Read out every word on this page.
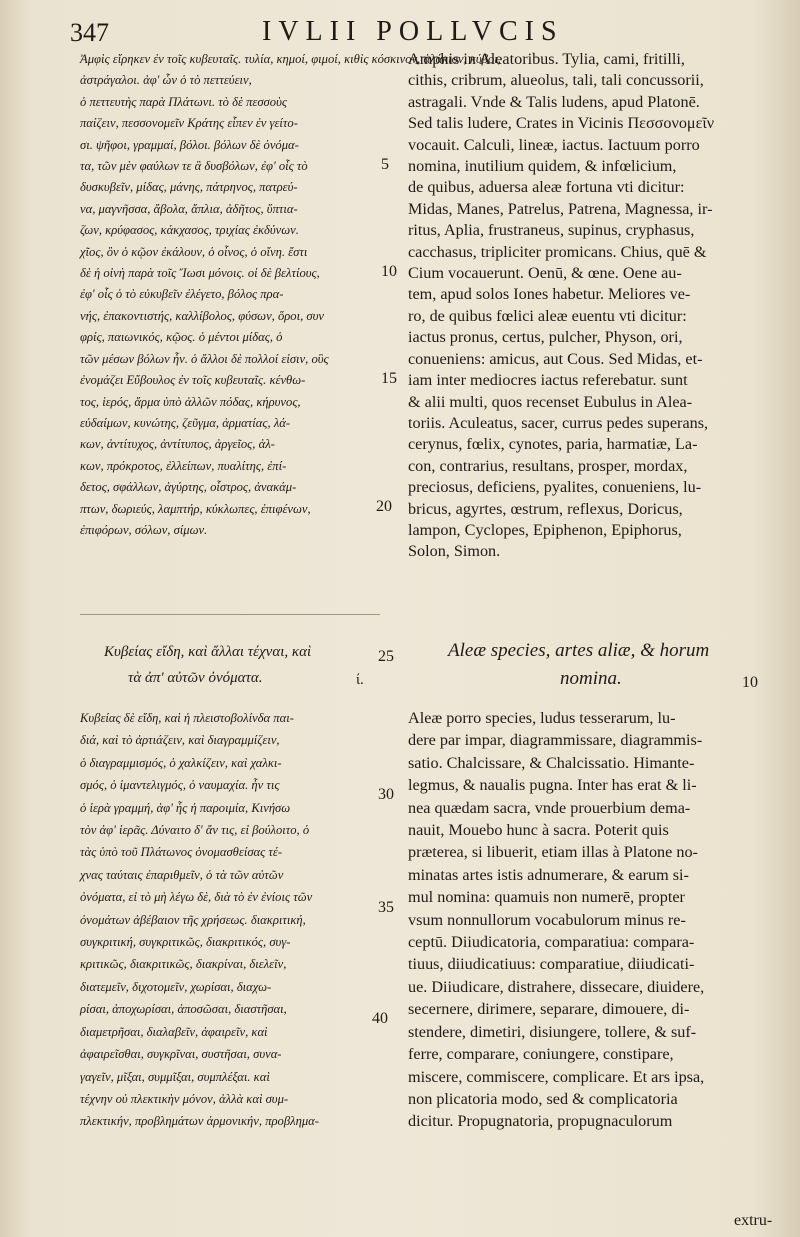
347	IVLII POLLVCIS
Ἀμφὶς εἴρηκεν ἐν τοῖς κυβευταῖς. τυλία, κημοί, φιμοί, κιθὶς κόσκινον, ἀλάκιον, κύβοι,
ἀστράγαλοι. ἀφ' ὧν ὁ τὸ πεττεύειν,
ὁ πεττευτὴς παρὰ Πλάτωνι. τὸ δὲ πεσσοὺς
παίζειν, πεσσονομεῖν Κράτης εἶπεν ἐν γείτο-
σι. ψῆφοι, γραμμαί, βόλοι. βόλων δὲ ὀνόμα-
τα, τῶν μὲν φαύλων τε ἃ δυσβόλων, ἐφ' οἷς τὸ
δυσκυβεῖν, μίδας, μάνης, πάτρηνος, πατρεύ-
να, μαγνῆσσα, ἄβολα, ἄπλια, ἀδῆτος, ὕπτια-
ζων, κρύφασος, κάκχασος, τριχίας ἐκδύνων.
χῖος, ὃν ὁ κῷον ἐκάλουν, ὁ οἶνος, ὁ οἴνη. ἔστι
δὲ ἡ οἰνὴ παρὰ τοῖς Ἴωσι μόνοις. οἱ δὲ βελτίους,
ἐφ' οἷς ὁ τὸ εὐκυβεῖν ἐλέγετο, βόλος πρα-
νής, ἐπακοντιστής, καλλίβολος, φύσων, ὅροι, συν
φρίς, παιωνικός, κῷος. ὁ μέντοι μίδας, ὁ
τῶν μέσων βόλων ἦν. ὁ ἄλλοι δὲ πολλοί εἰσιν, οὓς
ἐνομάζει Εὔβουλος ἐν τοῖς κυβευταῖς. κένθω-
τος, ἱερός, ἅρμα ὑπὸ ἀλλῶν πόδας, κήρυνος,
εὐδαίμων, κυνώτης, ζεῦγμα, ἁρματίας, λά-
κων, ἀντίτυχος, ἀντίτυπος, ἀργεῖος, ἀλ-
κων, πρόκροτος, ἐλλείπων, πυαλίτης, ἐπί-
δετος, σφάλλων, ἀγύρτης, οἶστρος, ἀνακάμ-
πτων, δωριεύς, λαμπτήρ, κύκλωπες, ἐπιφένων,
ἐπιφόρων, σόλων, σίμων.

Amphis in Aleatoribus. Tylia, cami, fritilli,
cithis, cribrum, alueolus, tali, tali concussorii,
astragali. Vnde & Talis ludens, apud Platonē.
Sed talis ludere, Crates in Vicinis Πεσσονομεῖν
vocauit. Calculi, lineæ, iactus. Iactuum porro
nomina, inutilium quidem, & infœlicium,
de quibus, aduersa aleæ fortuna vti dicitur:
Midas, Manes, Patrelus, Patrena, Magnessa, ir-
ritus, Aplia, frustraneus, supinus, cryphasus,
cacchasus, tripliciter promicans. Chius, quē &
Cium vocauerunt. Oenū, & œne. Oene au-
tem, apud solos Iones habetur. Meliores ve-
ro, de quibus fœlici aleæ euentu vti dicitur:
iactus pronus, certus, pulcher, Physon, ori,
conueniens: amicus, aut Cous. Sed Midas, et-
iam inter mediocres iactus referebatur. sunt
& alii multi, quos recenset Eubulus in Alea-
toriis. Aculeatus, sacer, currus pedes superans,
cerynus, fœlix, cynotes, paria, harmatiæ, La-
con, contrarius, resultans, prosper, mordax,
preciosus, deficiens, pyalites, conueniens, lu-
bricus, agyrtes, œstrum, reflexus, Doricus,
lampon, Cyclopes, Epiphenon, Epiphorus,
Solon, Simon.

5
10
15
20
Κυβείας εἴδη, καὶ ἄλλαι τέχναι, καὶ
τὰ ἀπ' αὐτῶν ὀνόματα.	ί.
25	Aleæ species, artes aliæ, & horum
nomina.	10
Κυβείας δὲ εἴδη, καὶ ἡ πλειστοβολίνδα παι-
διά, καὶ τὸ ἀρτιάζειν, καὶ διαγραμμίζειν,
ὁ διαγραμμισμός, ὁ χαλκίζειν, καὶ χαλκι-
σμός, ὁ ἱμαντελιγμός, ὁ ναυμαχία. ἦν τις
ὁ ἱερὰ γραμμή, ἀφ' ἧς ἡ παροιμία, Κινήσω
τὸν ἀφ' ἱερᾶς. Δύναιτο δ' ἄν τις, εἰ βούλοιτο, ὁ
τὰς ὑπὸ τοῦ Πλάτωνος ὀνομασθείσας τέ-
χνας ταύταις ἐπαριθμεῖν, ὁ τὰ τῶν αὐτῶν
ὀνόματα, εἰ τὸ μὴ λέγω δὲ, διὰ τὸ ἐν ἐνίοις τῶν
ὀνομάτων ἀβέβαιον τῆς χρήσεως. διακριτική,
συγκριτική, συγκριτικῶς, διακριτικός, συγ-
κριτικῶς, διακριτικῶς, διακρίναι, διελεῖν,
διατεμεῖν, διχοτομεῖν, χωρίσαι, διαχω-
ρίσαι, ἀποχωρίσαι, ἀποσῶσαι, διαστῆσαι,
διαμετρῆσαι, διαλαβεῖν, ἀφαιρεῖν, καὶ
ἀφαιρεῖσθαι, συγκρῖναι, συστῆσαι, συνα-
γαγεῖν, μῖξαι, συμμῖξαι, συμπλέξαι. καὶ
τέχνην οὐ πλεκτικὴν μόνον, ἀλλὰ καὶ συμ-
πλεκτικήν, προβλημάτων ἁρμονικήν, προβλημα-

Aleæ porro species, ludus tesserarum, lu-
dere par impar, diagrammissare, diagrammis-
satio. Chalcissare, & Chalcissatio. Himante-
legmus, & naualis pugna. Inter has erat & li-
nea quædam sacra, vnde prouerbium dema-
nauit, Mouebo hunc à sacra. Poterit quis
præterea, si libuerit, etiam illas à Platone no-
minatas artes istis adnumerare, & earum si-
mul nomina: quamuis non numerē, propter
vsum nonnullorum vocabulorum minus re-
ceptū. Diiudicatoria, comparatiua: compara-
tiuus, diiudicatiuus: comparatiue, diiudicati-
ue. Diiudicare, distrahere, dissecare, diuidere,
secernere, dirimere, separare, dimouere, di-
stendere, dimetiri, disiungere, tollere, & suf-
ferre, comparare, coniungere, constipare,
miscere, commiscere, complicare. Et ars ipsa,
non plicatoria modo, sed & complicatoria
dicitur. Propugnatoria, propugnaculorum

30
35
40
extru-
